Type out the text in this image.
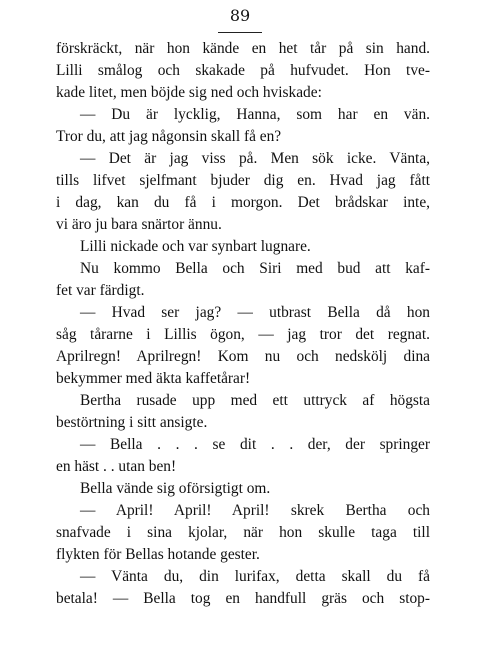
89
förskräckt, när hon kände en het tår på sin hand.
Lilli smålog och skakade på hufvudet. Hon tve-
kade litet, men böjde sig ned och hviskade:
— Du är lycklig, Hanna, som har en vän.
Tror du, att jag någonsin skall få en?
— Det är jag viss på. Men sök icke. Vänta,
tills lifvet sjelfmant bjuder dig en. Hvad jag fått
i dag, kan du få i morgon. Det brådskar inte,
vi äro ju bara snärtor ännu.
Lilli nickade och var synbart lugnare.
Nu kommo Bella och Siri med bud att kaf-
fet var färdigt.
— Hvad ser jag? — utbrast Bella då hon
såg tårarne i Lillis ögon, — jag tror det regnat.
Aprilregn! Aprilregn! Kom nu och nedskölj dina
bekymmer med äkta kaffetårar!
Bertha rusade upp med ett uttryck af högsta
bestörtning i sitt ansigte.
— Bella . . . se dit . . der, der springer
en häst . . utan ben!
Bella vände sig oförsigtigt om.
— April! April! April! skrek Bertha och
snafvade i sina kjolar, när hon skulle taga till
flykten för Bellas hotande gester.
— Vänta du, din lurifax, detta skall du få
betala! — Bella tog en handfull gräs och stop-
